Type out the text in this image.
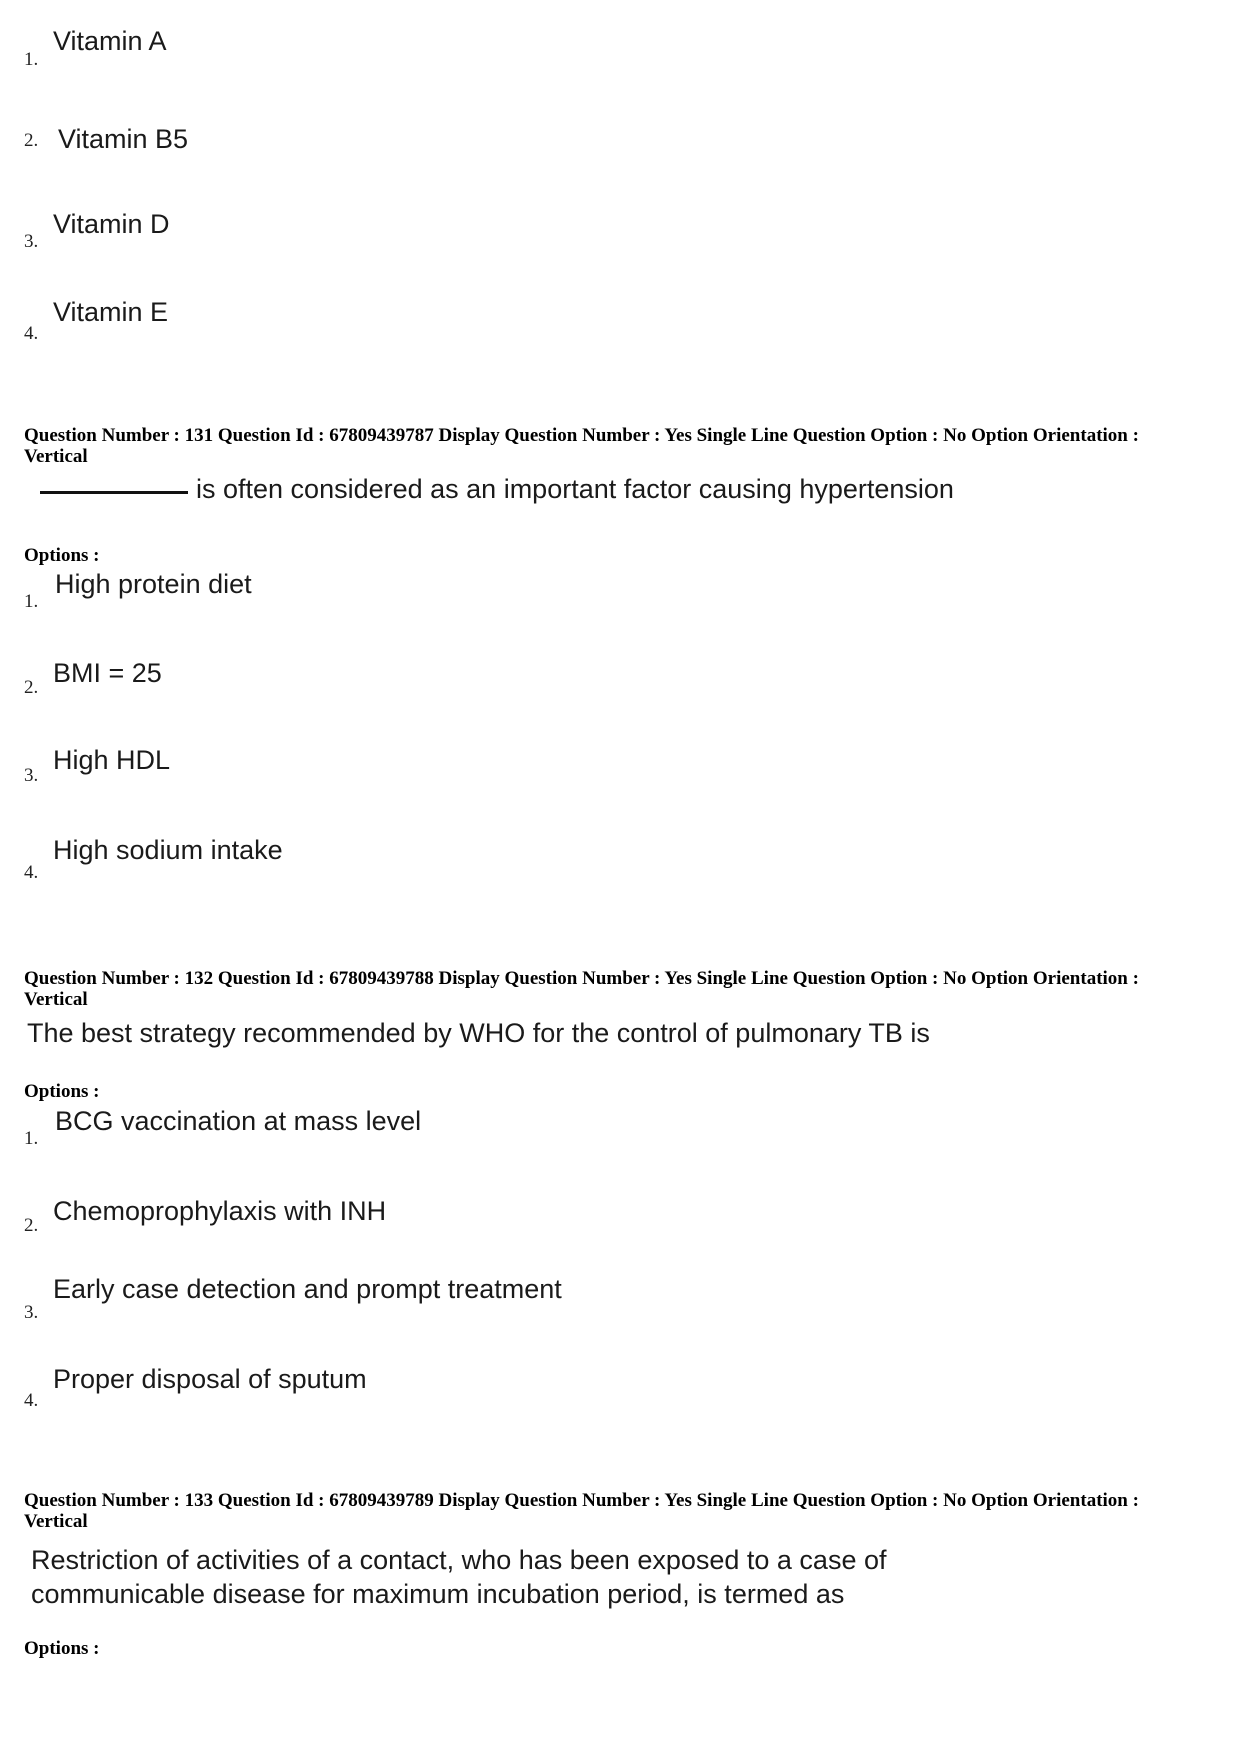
1.
Vitamin A
2. Vitamin B5
3.
Vitamin D
4.
Vitamin E
Question Number : 131 Question Id : 67809439787 Display Question Number : Yes Single Line Question Option : No Option Orientation : Vertical
is often considered as an important factor causing hypertension
Options :
1.
High protein diet
2. BMI = 25
3.
High HDL
4.
High sodium intake
Question Number : 132 Question Id : 67809439788 Display Question Number : Yes Single Line Question Option : No Option Orientation : Vertical
The best strategy recommended by WHO for the control of pulmonary TB is
Options :
1.
BCG vaccination at mass level
2. Chemoprophylaxis with INH
3.
Early case detection and prompt treatment
4.
Proper disposal of sputum
Question Number : 133 Question Id : 67809439789 Display Question Number : Yes Single Line Question Option : No Option Orientation : Vertical
Restriction of activities of a contact, who has been exposed to a case of
communicable disease for maximum incubation period, is termed as
Options :
